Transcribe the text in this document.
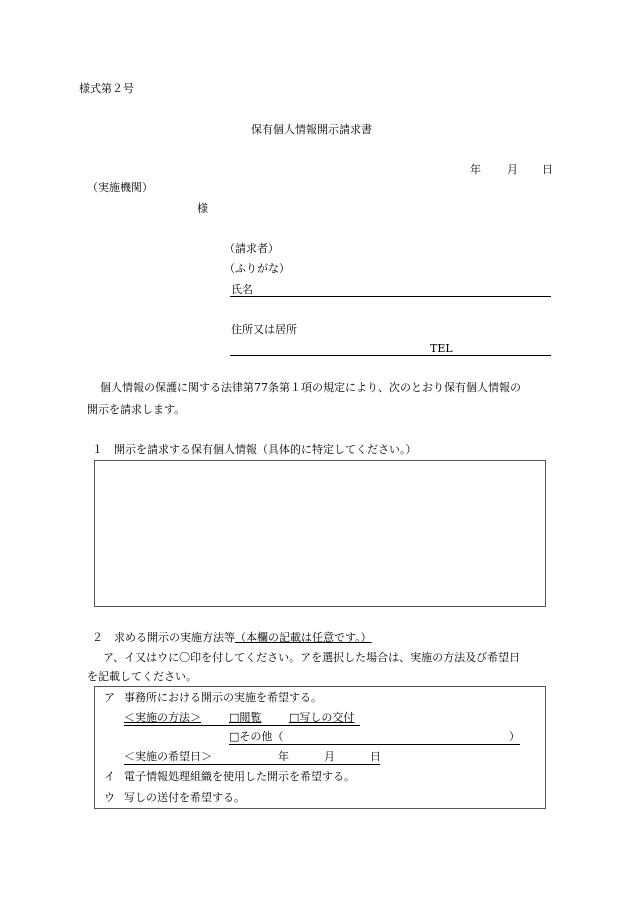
様式第２号
保有個人情報開示請求書
年 月 日
（実施機関）
様
（請求者）
（ふりがな）
氏名
住所又は居所
TEL
個人情報の保護に関する法律第77条第１項の規定により、次のとおり保有個人情報の
開示を請求します。
１　開示を請求する保有個人情報（具体的に特定してください。）
２　求める開示の実施方法等（本欄の記載は任意です。）
ア、イ又はウに〇印を付してください。アを選択した場合は、実施の方法及び希望日
を記載してください。
ア 事務所における開示の実施を希望する。
＜実施の方法＞	□閲覧	□写しの交付
□その他（	）
＜実施の希望日＞	年	月	日
イ 電子情報処理組織を使用した開示を希望する。
ウ 写しの送付を希望する。
